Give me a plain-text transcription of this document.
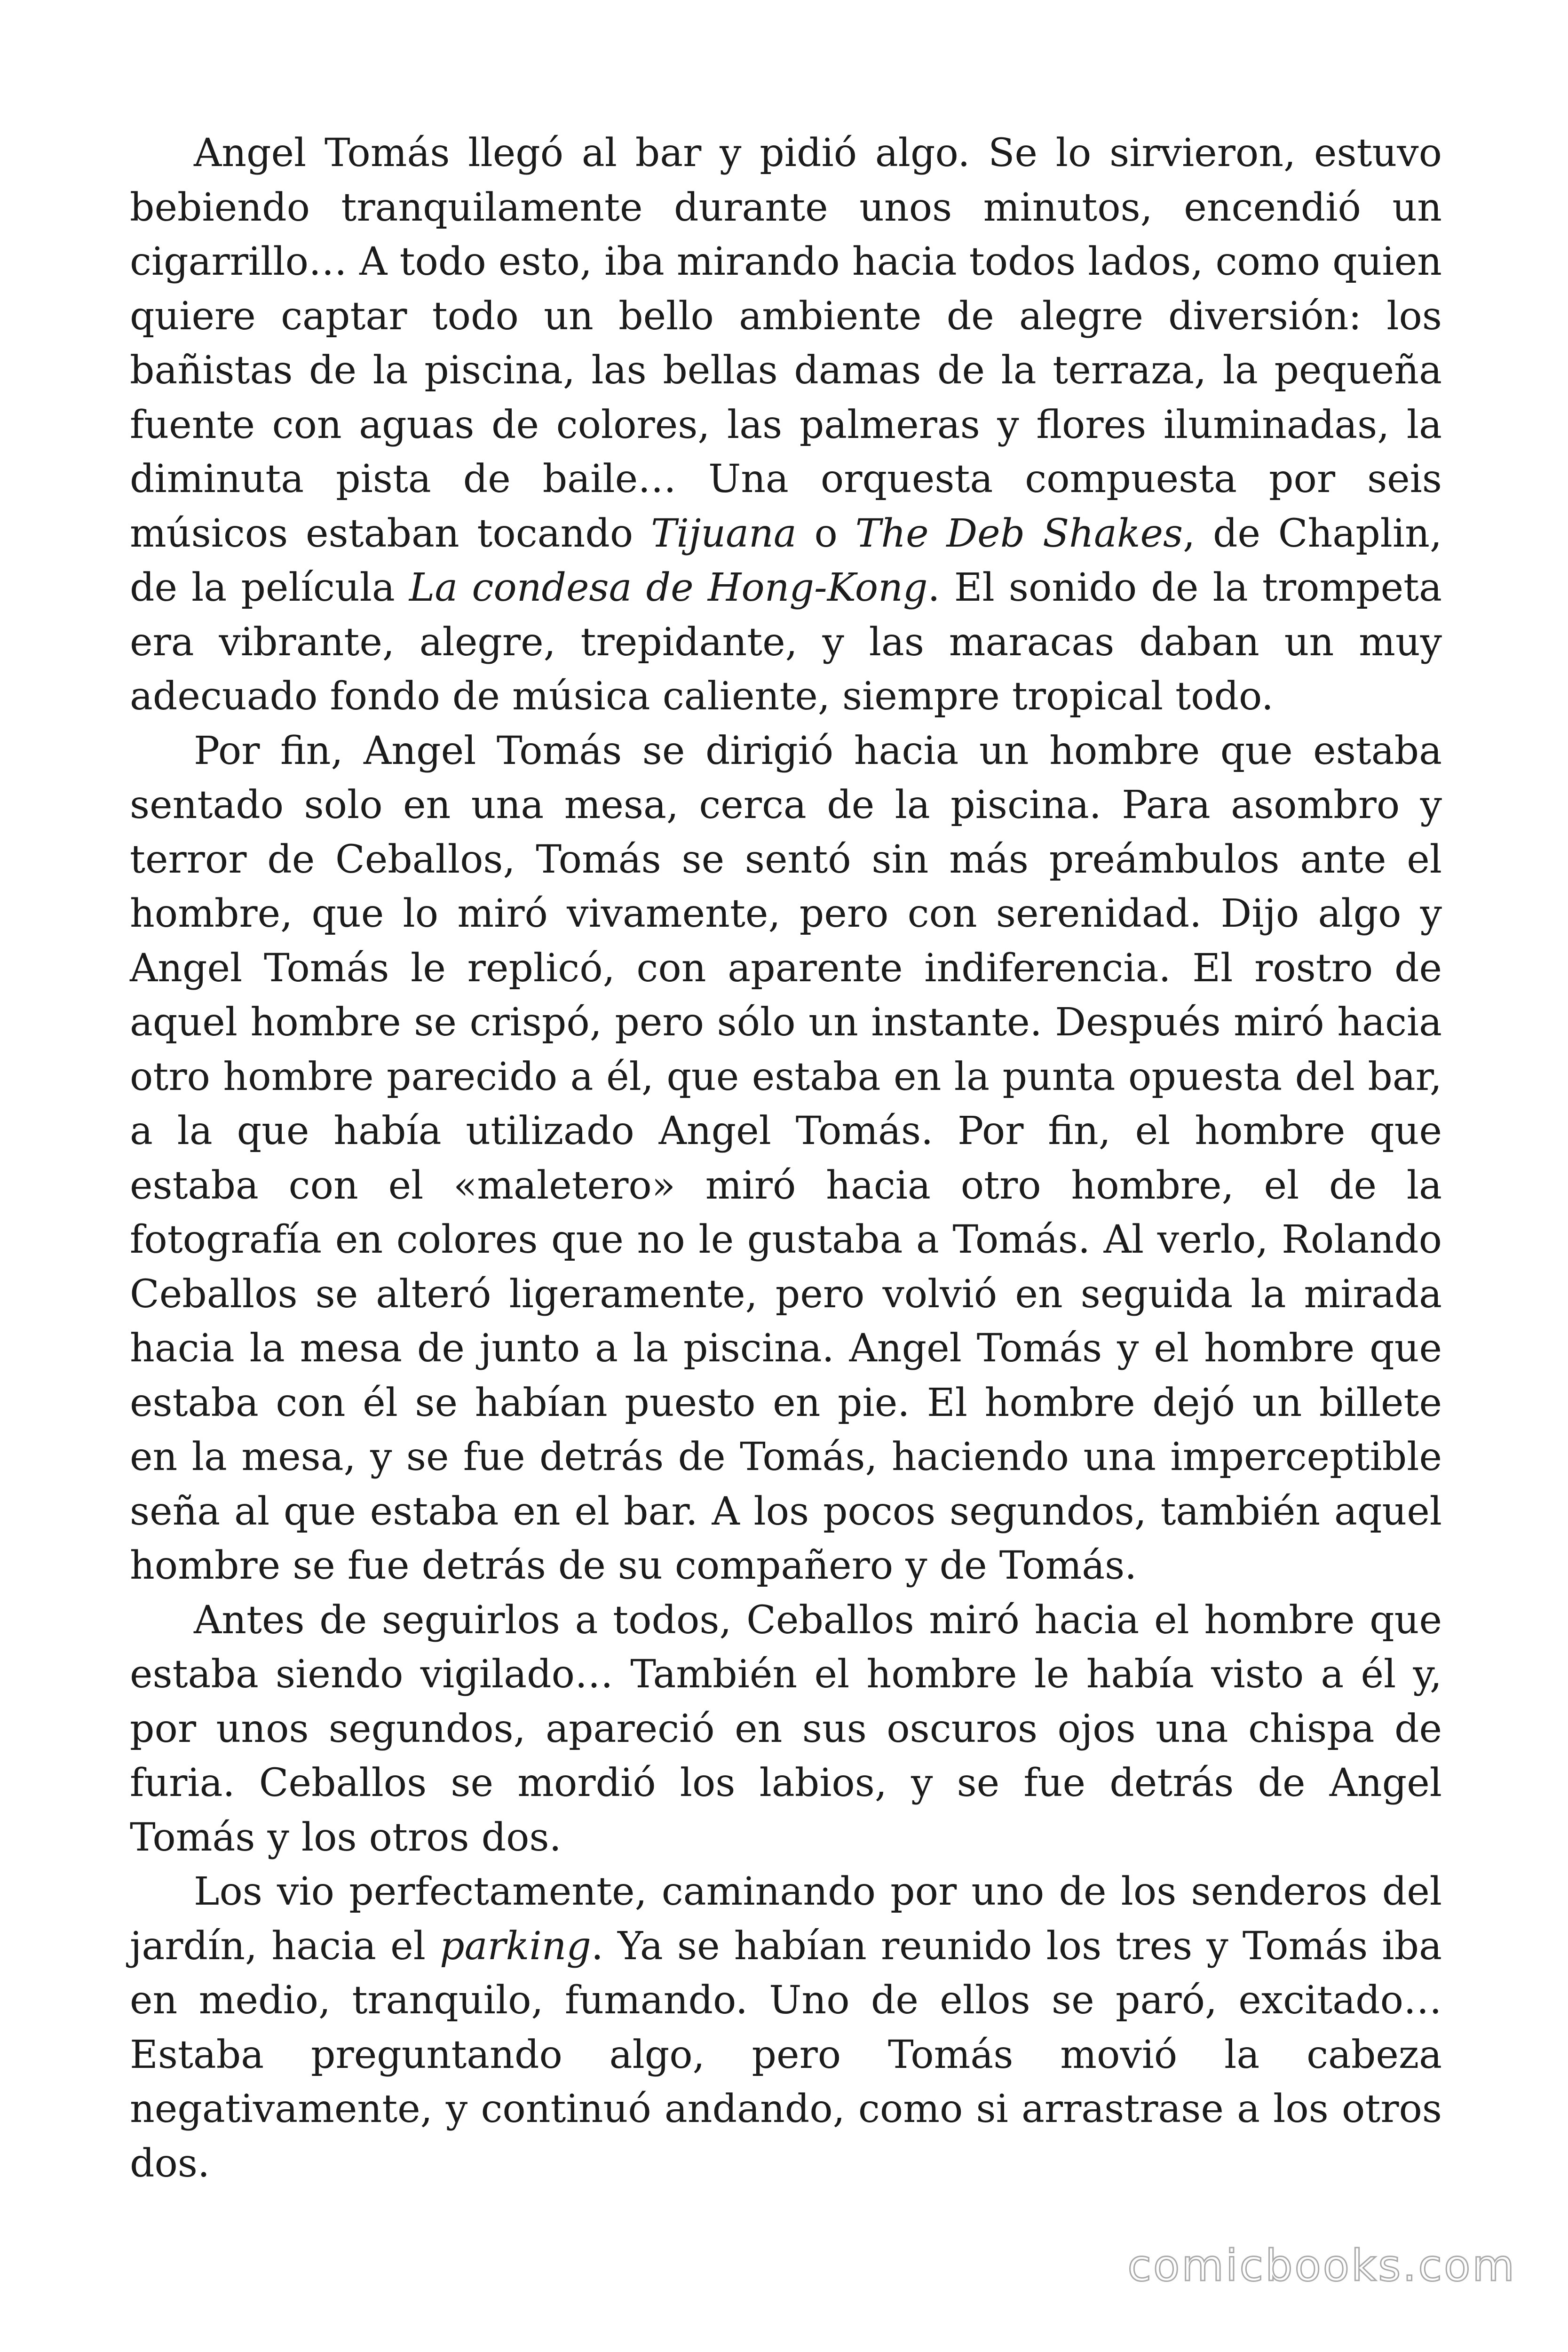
Angel Tomás llegó al bar y pidió algo. Se lo sirvieron, estuvo bebiendo tranquilamente durante unos minutos, encendió un cigarrillo… A todo esto, iba mirando hacia todos lados, como quien quiere captar todo un bello ambiente de alegre diversión: los bañistas de la piscina, las bellas damas de la terraza, la pequeña fuente con aguas de colores, las palmeras y flores iluminadas, la diminuta pista de baile… Una orquesta compuesta por seis músicos estaban tocando Tijuana o The Deb Shakes, de Chaplin, de la película La condesa de Hong-Kong. El sonido de la trompeta era vibrante, alegre, trepidante, y las maracas daban un muy adecuado fondo de música caliente, siempre tropical todo.

Por fin, Angel Tomás se dirigió hacia un hombre que estaba sentado solo en una mesa, cerca de la piscina. Para asombro y terror de Ceballos, Tomás se sentó sin más preámbulos ante el hombre, que lo miró vivamente, pero con serenidad. Dijo algo y Angel Tomás le replicó, con aparente indiferencia. El rostro de aquel hombre se crispó, pero sólo un instante. Después miró hacia otro hombre parecido a él, que estaba en la punta opuesta del bar, a la que había utilizado Angel Tomás. Por fin, el hombre que estaba con el «maletero» miró hacia otro hombre, el de la fotografía en colores que no le gustaba a Tomás. Al verlo, Rolando Ceballos se alteró ligeramente, pero volvió en seguida la mirada hacia la mesa de junto a la piscina. Angel Tomás y el hombre que estaba con él se habían puesto en pie. El hombre dejó un billete en la mesa, y se fue detrás de Tomás, haciendo una imperceptible seña al que estaba en el bar. A los pocos segundos, también aquel hombre se fue detrás de su compañero y de Tomás.

Antes de seguirlos a todos, Ceballos miró hacia el hombre que estaba siendo vigilado… También el hombre le había visto a él y, por unos segundos, apareció en sus oscuros ojos una chispa de furia. Ceballos se mordió los labios, y se fue detrás de Angel Tomás y los otros dos.

Los vio perfectamente, caminando por uno de los senderos del jardín, hacia el parking. Ya se habían reunido los tres y Tomás iba en medio, tranquilo, fumando. Uno de ellos se paró, excitado… Estaba preguntando algo, pero Tomás movió la cabeza negativamente, y continuó andando, como si arrastrase a los otros dos.

comicbooks.com
